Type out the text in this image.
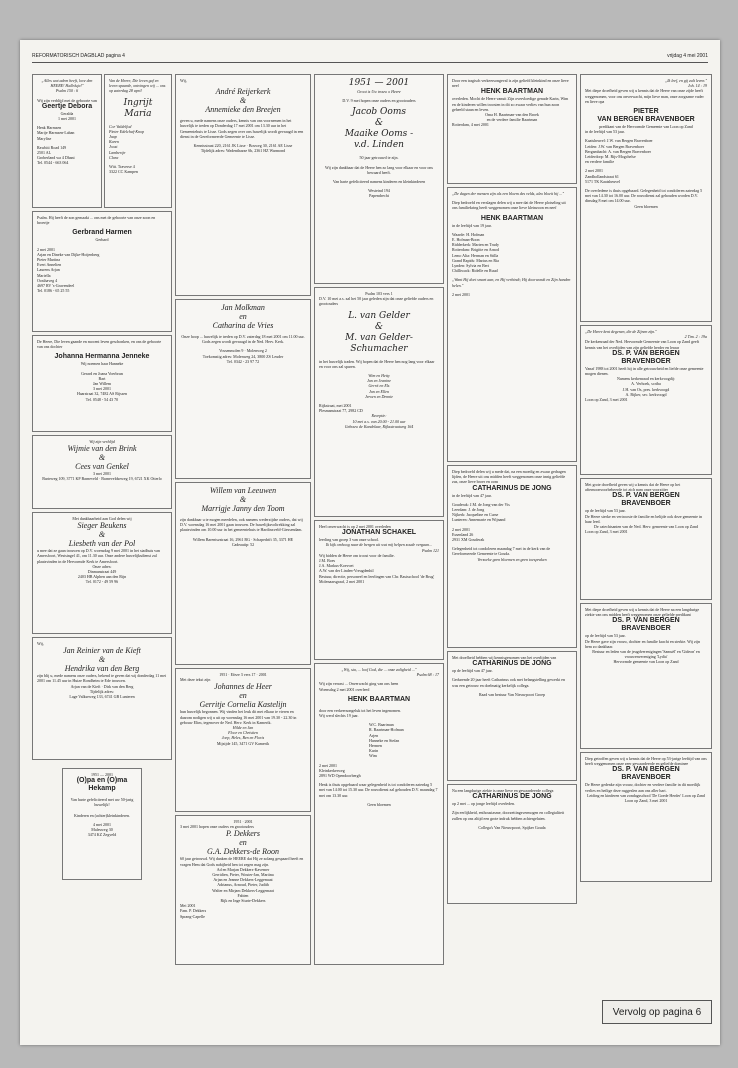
REFORMATORISCH DAGBLAD pagina 4	vrijdag 4 mei 2001
„Alles wat adem heeft, love den HEERE! Halleluja!"
Psalm 150 : 6
Wij zijn verblijd met de geboorte van
Geertje Debora
Geralda
1 mei 2001
Henk Harmsen
Marije Harmsen-Laban
Marylise
Rawhiti Road 149
2501 AL
Groberland wa 4 Dhani
Tel. 0544 - 663 064
Van de Heere, Die leven gaf en leven spaarde, ontvingen wij ... ons op zaterdag 28 april
Ingrijt Maria
Cor Valdelfod
Pieter Edelchaf-Knop
Jaap
Karen
Joost
Lambertje
Clara
Witt. Traverse 4
3322 CC Kampen
Psalm. Hij heeft de zon gemaakt ... ons met de geboorte van onze zoon en broertje
Gerbrand Harmen
Gerhard
2 mei 2001
Arjan en Dineke van Dijke-Hoijenberg
Pieter Martina
Evert Annelien
Laurens Arjan
Mariella
Oosthaveg 4
4697 RV 's-Gravendeel
Tel. 0186 - 65 25 55
De Heere, Die leven gaande en mocent leven geschonken, en ons de geboorte van ons dochter
Johanna Hermanna Jenneke
Wij noemen haar Hanneke
Gerard en Joana Voerbrun
Bart
Jan Willem
3 mei 2001
Haarstraat 32, 7482 AS Rijssen
Tel. 0548 - 54 43 70
Wij zijn verblijd
Wijmie van den Brink
&
Cees van Genkel
3 mei 2001
Barteweg 109, 3771 KP Barneveld · Barneveldseweg 19, 6721 XK Otterlo
Met dankbaarheid aan God delen wij
Sieger Beukens
&
Liesbeth van der Pol
u mee dat ze gaan trouwen op D.V. woensdag 9 mei 2001 in het stadhuis van Amersfoort, Westsingel 41, om 11.30 uur. Onze andere huwelijksdienst zal plaatsvinden in de Hervormde Kerk te Amersfoort.
Onze adres:
Dinmanstraat 449
2403 HB Alphen aan den Rijn
Tel. 0172 - 49 59 96
Wij,
Jan Reinier van de Kieft
&
Hendrika van den Berg
zijn blij u, mede namens onze ouders, bekend te geven dat wij donderdag 11 mei 2001 om 11.45 uur in Huize Rondheim te Ede trouwen.
Arjan van de Kieft · Dirk van den Berg
Tijdelijk adres:
Lage Valkseweg 133, 6741 GB Lunteren
1951 — 2001
(O)pa en (O)ma Hekamp
Van harte gefeliciteerd met uw 50-jarig huwelijk!

Kinderen en (achter)kleinkinderen.
4 mei 2001
Malesweg 30
3474 KZ Zegveld
Wij,
André Reijerkerk
&
Annemieke den Breejen
geven u, mede namens onze ouders, kennis van ons voornemen in het huwelijk te treden op Donderdag 17 mei 2001 om 13.30 uur in het Gemeentehuis te Lisse. Gods zegen over ons huwelijk wordt gevraagd in een dienst in de Gereformeerde Gemeente te Lisse.
Kennisstraat 220, 2161 JK Lisse · Bosweg 30, 2161 AE Lisse
Tijdelijk adres: Wadenthazze 6b, 2361 HZ Warmond
Jan Molkman
en
Catharina de Vries
Onze hoop ... huwelijk te treden op D.V. zaterdag 18 mei 2001 om 11.00 uur. Gods zegen wordt gevraagd in de Ned. Herv. Kerk.
Vossenmolen 9 · Molenweg 2
Toekomstig adres: Molenweg 24, 3800 ZS Leuder
Tel. 0342 - 23 97 72
Willem van Leeuwen
&
Marrigje Janny den Toom
zijn dankbaar u te mogen meedelen, ook namens wederzijdse ouders, dat wij D.V. woensdag 16 mei 2001 gaan trouwen. De huwelijksvoltrekking zal plaatsvinden om 10.00 uur in het gemeentehuis te Hardinxveld-Giessendam.
Willem Barentszstraat 16, 2961 BG · Schapedrift 35, 3371 HE
Cadeautip: 52
1951 · Efeze 3 vers 17 · 2001
Met deze tekst zijn
Johannes de Heer
en
Gerritje Cornelia Kastelijn
hun huwelijk begonnen. Wij vinden het leuk dit met elkaar te vieren en daarom nodigen wij u uit op woensdag 16 mei 2001 van 19.30 - 22.30 in gebouw Elim, tegenover de Ned. Herv. Kerk in Kamerik.
Hilde en Jan
Floor en Christien
Joep, Heles, Ben en Floris
Mijzijde 145, 3471 GV Kamerik
1951 · 2001
3 mei 2001 hopen onze ouders en grootouders
P. Dekkers
en
G.A. Dekkers-de Roon
60 jaar getrouwd. Wij danken de HEERE dat Hij ze zolang gespaard heeft en vragen Hem dat Gods nabijheid hen tot zegen mag zijn.
Ad en Marjan Dekkers-Kavemer
Gerridien, Pieter, Wouter-Jan, Martina
Arjan en Jeanne Dekkers-Leggemaat
Adrianus, Arnoud, Pieter, Judith
Walter en Mirjam Dekkers-Leggemaat
Fabien
Rijk en Inge Sturte-Dekkers
Mei 2001
Fam. P. Dekkers
Sprang-Capelle
1951 — 2001
Groot is Uw trouw o Heere
D.V. 9 mei hopen onze ouders en grootouders
Jacob Ooms
&
Maaike Ooms -
v.d. Linden
50 jaar getrouwd te zijn.
Wij zijn dankbaar dat de Heere hen zo lang voor elkaar en voor ons bewaard heeft.
Van harte gefeliciteerd namens kinderen en kleinkinderen
Westeind 194
Papendrecht
Psalm 103 vers 1
D.V. 10 mei a.s. zal het 50 jaar geleden zijn dat onze geliefde ouders en grootouders
L. van Gelder
&
M. van Gelder-Schumacher
in het huwelijk traden. Wij hopen dat de Heere hen nog lang voor elkaar en voor ons zal sparen.
Wim en Hetty
Jan en Jeanine
Gerrit en Els
Jan en Ellen
Jeroen en Dennie
Rijkstraat, mei 2001
Plesmanstraat 77, 2982 CD
Receptie:
10 mei a.s. van 20.00 - 21.00 uur
Gebouw de Kandelaar, Rijksstraatweg 164
Heel onverwacht is op 2 mei 2001 overleden
JONATHAN SCHAKEL
leerling van groep 3 van onze school.
Ik kijk omhoog naar de bergen uit wat mij helpen zoude vergaan...
Psalm 121
Wij bidden de Heere om troost voor de familie.
J.M. Boes
J.A. Markus-Koevoet
A.W. van der Linden-Vreugdenhil
Bestuur, directie, personeel en leerlingen van Chr. Basisschool 'de Brug'
Molenaarsgraaf, 2 mei 2001
„Wij, sta, ... loof God, die ... onze zaligheid ..."
Psalm 68 : 17
Wij zijn verrast ... Onverwacht ging van ons heen
Woensdag 2 mei 2001 overleed
HENK BAARTMAN
door een verkeersongeluk tot het leven ingenomen.
Wij werd slechts 19 jaar.
W.C. Baartman
R. Baartman-Hofman
Arjen
Hanneke en Stefan
Hermen
Karin
Wim
2 mei 2001
Kleinkerkerweg
2891 WD Opendoorbergh
Henk is thuis opgebaard waar gelegenheid is tot condoleren zaterdag 5 mei van 14.00 tot 15.30 uur. De rouwdienst zal gehouden D.V. maandag 7 mei om 13.30 uur.
Geen bloemen
Door een tragisch verkeersongeval is zijn geliefd kleinkind en onze lieve neef
HENK BAARTMAN
overleden. Mocht de Heere vanuit Zijn overvloedige genade Karin, Wim en de kinderen willen troosten in dit zo zwaar verlies van hun zoon geheeld staan en leven.
Oma H. Baartman-van den Broek
en de verdere familie Baartman
Rotterdam, 4 mei 2001
„De dagen der mensen zijn als een bloem des velds, alzo bloeit hij ..."
Diep bedroefd en verslagen delen wij u mee dat de Heere plotseling uit ons familiekring heeft weggenomen onze lieve kleinzoon en neef
HENK BAARTMAN
in de leeftijd van 19 jaar.
Waarde: H. Hofman
E. Hofman-Boon
Ridderkerk: Marten en Trudy
Rotterdam: Brigitte en Arnod
Lemo Alta: Herman en Stilla
Grand Rapids: Marius en Ria
Lynden: Sylvia en Bert
Chilliwack: Ridelle en Ruud
„Want Hij doet smart aan, en Hij verbindt; Hij doorwondt en Zijn handen helen."
2 mei 2001
Diep bedroefd delen wij u mede dat, na een moedig en zwaar gedragen lijden, de Heere uit ons midden heeft weggenomen onze innig geliefde zus, onze lieve broer en oom
CATHARINUS DE JONG
in de leeftijd van 47 jaar.
Gouderak: J.M. de Jong-van der Vis
Leerdam: J. de Jong
Nijkerk: Jacqueline en Curse
Lunteren: Annemarie en Wijnand
2 mei 2001
Essenland 26
2931 XM Gouderak
Gelegenheid tot condoleren maandag 7 mei in de kerk van de Gereformeerde Gemeente te Gouda.
Verzoeke geen bloemen en geen toespraken
Met droefheid hebben wij kennisgenomen van het overlijden van
CATHARINUS DE JONG
op de leeftijd van 47 jaar.
Gedurende 20 jaar heeft Catharinus ook met belangstelling gewerkt en was een getrouw en doelmatig kerkelijk collega.
Raad van bestuur Van Nieuwpoort Groep
Na een langdurige ziekte is onze lieve en gewaardeerde collega
CATHARINUS DE JONG
op 2 mei ... op jonge leeftijd overleden.
Zijn eerlijkheid, enthousiasme, doorzettingsvermogen en collegialiteit zullen op ons altijd een grote indruk hebben achtergelaten.
Collega's Van Nieuwpoort, Spijker Gouda
„Ik leef, en gij zult leven."
Joh. 14 : 19
Met diepe droefheid geven wij u kennis dat de Heere van onze zijde heeft weggenomen, voor ons onverwacht, mijn lieve man, onze zorgzame vader en lieve opa
PIETER
VAN BERGEN BRAVENBOER
predikant van de Hervormde Gemeente van Loon op Zand
in de leeftijd van 53 jaar.
Kaatsheuvel: J.W. van Bergen Bravenboer
Leiden: J.W. van Bergen Bravenboer
Bergambacht: A. van Bergen Bravenboer
Leiderdorp: M. Rijs-Mogchelse
en verdere familie
2 mei 2001
Zandhollandstraat 61
5171 TK Kaatsheuvel
De overledene is thuis opgebaard. Gelegenheid tot condoleren zaterdag 5 mei van 14.30 tot 16.00 uur. De rouwdienst zal gehouden worden D.V. dinsdag 8 mei om 14.00 uur.
Geen bloemen
„De Heere kent degenen, die de Zijnen zijn."
2 Tim. 2 : 19a
De kerkenraad der Ned. Hervormde Gemeente van Loon op Zand geeft kennis van het overlijden van zijn geliefde herder en leraar
DS. P. VAN BERGEN
BRAVENBOER
Vanaf 1988 tot 2001 heeft hij in alle getrouwheid en liefde onze gemeente mogen dienen.
Namens kerkenraad en kerkvoogdij:
A. Verhoek, scriba
J.H. van Os, pres. kerkvoogd
A. Bijker, sec. kerkvoogd
Loon op Zand, 3 mei 2001
Met grote droefheid geven wij u kennis dat de Heere op het afternoonvoorbeheerde tot zich nam onze voorzitter
DS. P. VAN BERGEN
BRAVENBOER
op de leeftijd van 53 jaar.
De Heere sterke en vertrooste de familie en belijde ook deze gemeente in haar leed.
De catechisanten van de Ned. Herv. gemeente van Loon op Zand
Loon op Zand, 3 mei 2001
Met diepe droefheid geven wij u kennis dat de Heere na een langdurige ziekte van ons midden heeft weggenomen onze geliefde predikant
DS. P. VAN BERGEN
BRAVENBOER
op de leeftijd van 53 jaar.
De Heere gave zijn vrouw, dochter en familie kracht en sterkte. Wij zijn hem zo dankbaar.
Bestuur en leden van de jeugdverenigingen 'Samuël' en 'Gideon' en vrouwenvereniging 'Lydia'
Hervormde gemeente van Loon op Zand
Diep getroffen geven wij u kennis dat de Heere op 53-jarige leeftijd van ons heeft weggenomen onze zeer gewaardeerde en geliefde dominee
DS. P. VAN BERGEN
BRAVENBOER
De Heere gedenke zijn vrouw, dochter en verdere familie in dit moeilijk verlies en heilige deze ruggeslen aan ons aller hart.
Leiding en kinderen van zondagsschool 'De Goede Herder' Loon op Zand
Loon op Zand, 3 mei 2001
Vervolg op pagina 6
